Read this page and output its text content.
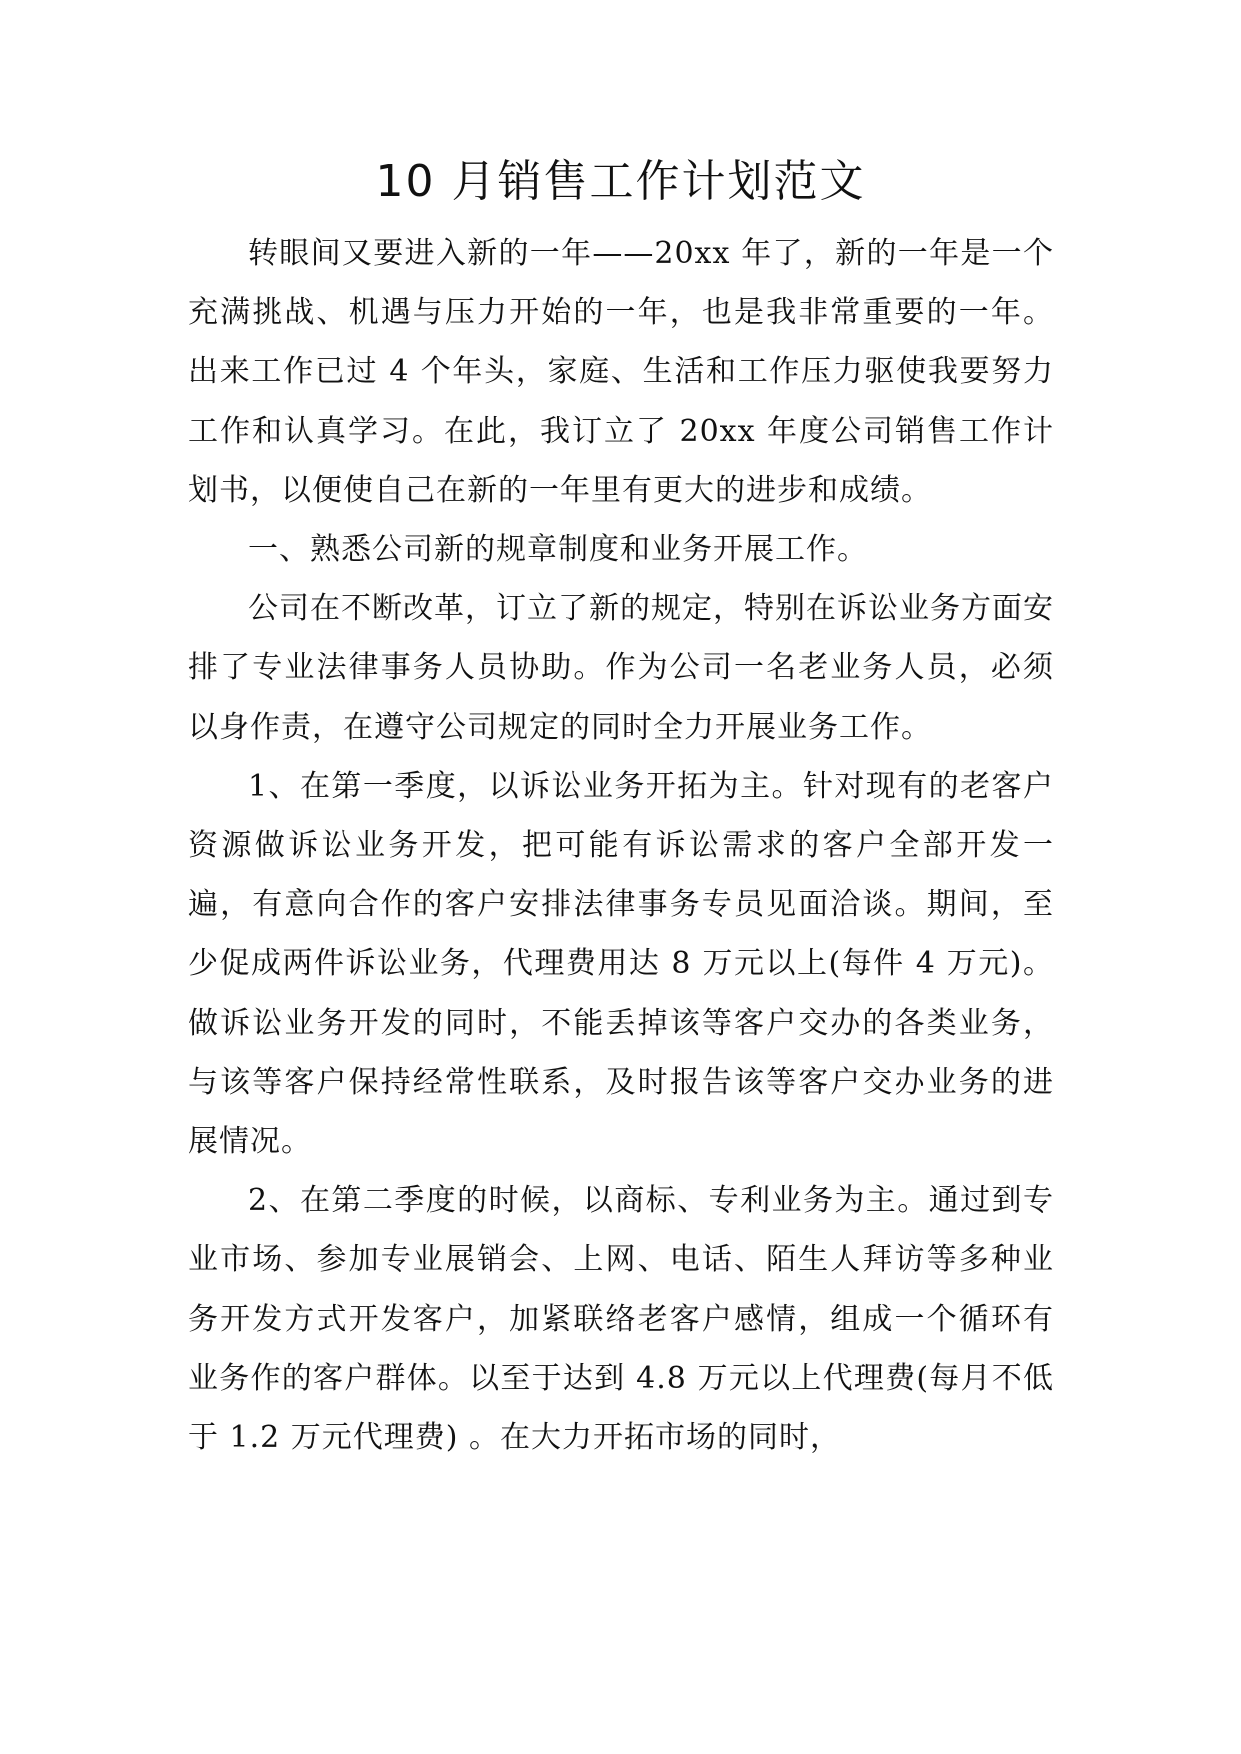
10 月销售工作计划范文

转眼间又要进入新的一年——20xx 年了，新的一年是一个充满挑战、机遇与压力开始的一年，也是我非常重要的一年。出来工作已过 4 个年头，家庭、生活和工作压力驱使我要努力工作和认真学习。在此，我订立了 20xx 年度公司销售工作计划书，以便使自己在新的一年里有更大的进步和成绩。

一、熟悉公司新的规章制度和业务开展工作。

公司在不断改革，订立了新的规定，特别在诉讼业务方面安排了专业法律事务人员协助。作为公司一名老业务人员，必须以身作责，在遵守公司规定的同时全力开展业务工作。

1、在第一季度，以诉讼业务开拓为主。针对现有的老客户资源做诉讼业务开发，把可能有诉讼需求的客户全部开发一遍，有意向合作的客户安排法律事务专员见面洽谈。期间，至少促成两件诉讼业务，代理费用达 8 万元以上(每件 4 万元)。做诉讼业务开发的同时，不能丢掉该等客户交办的各类业务，与该等客户保持经常性联系，及时报告该等客户交办业务的进展情况。

2、在第二季度的时候，以商标、专利业务为主。通过到专业市场、参加专业展销会、上网、电话、陌生人拜访等多种业务开发方式开发客户，加紧联络老客户感情，组成一个循环有业务作的客户群体。以至于达到 4.8 万元以上代理费(每月不低于 1.2 万元代理费) 。在大力开拓市场的同时，
